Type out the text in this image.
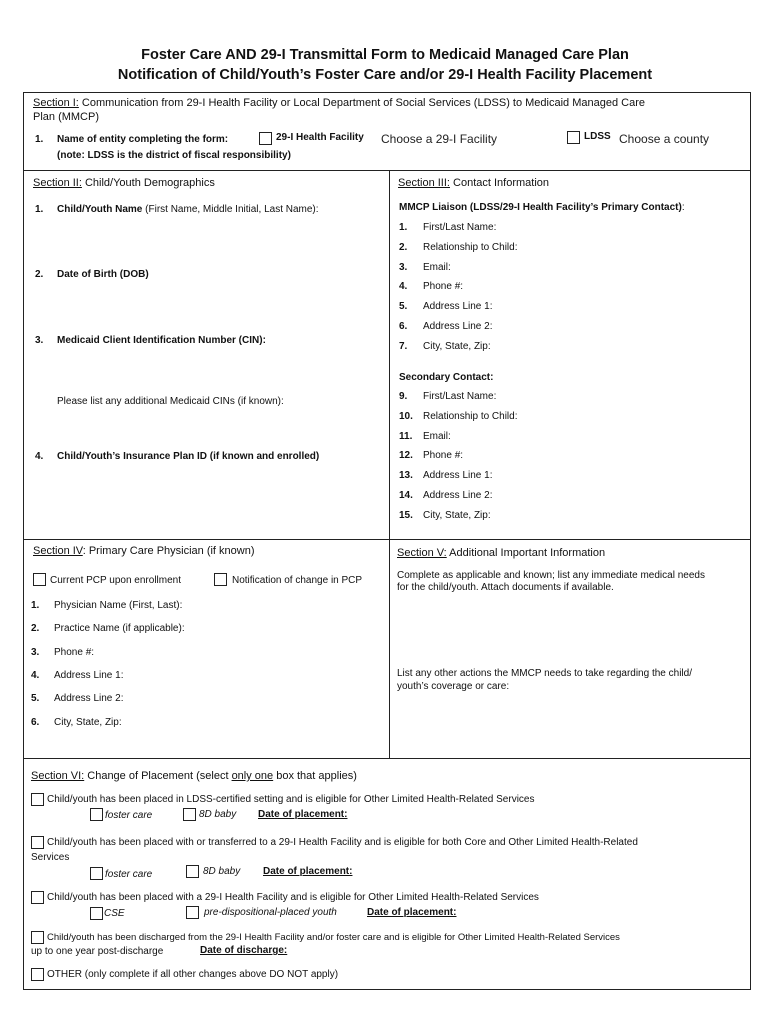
Foster Care AND 29-I Transmittal Form to Medicaid Managed Care Plan
Notification of Child/Youth’s Foster Care and/or 29-I Health Facility Placement
Section I: Communication from 29-I Health Facility or Local Department of Social Services (LDSS) to Medicaid Managed Care
Plan (MMCP)
1. Name of entity completing the form:	29-I Health Facility Choose a 29-I Facility	LDSS Choose a county
(note: LDSS is the district of fiscal responsibility)
Section II: Child/Youth Demographics
1. Child/Youth Name (First Name, Middle Initial, Last Name):
2. Date of Birth (DOB)
3. Medicaid Client Identification Number (CIN):
Please list any additional Medicaid CINs (if known):
4. Child/Youth’s Insurance Plan ID (if known and enrolled)
Section III: Contact Information
MMCP Liaison (LDSS/29-I Health Facility’s Primary Contact):
1. First/Last Name:
2. Relationship to Child:
3. Email:
4. Phone #:
5. Address Line 1:
6. Address Line 2:
7. City, State, Zip:
Secondary Contact:
9. First/Last Name:
10. Relationship to Child:
11. Email:
12. Phone #:
13. Address Line 1:
14. Address Line 2:
15. City, State, Zip:
Section IV: Primary Care Physician (if known)
Current PCP upon enrollment	Notification of change in PCP
1. Physician Name (First, Last):
2. Practice Name (if applicable):
3. Phone #:
4. Address Line 1:
5. Address Line 2:
6. City, State, Zip:
Section V: Additional Important Information
Complete as applicable and known; list any immediate medical needs
for the child/youth. Attach documents if available.
List any other actions the MMCP needs to take regarding the child/
youth’s coverage or care:
Section VI: Change of Placement (select only one box that applies)
Child/youth has been placed in LDSS-certified setting and is eligible for Other Limited Health-Related Services
foster care	8D baby Date of placement:
Child/youth has been placed with or transferred to a 29-I Health Facility and is eligible for both Core and Other Limited Health-Related
Services
foster care	8D baby Date of placement:
Child/youth has been placed with a 29-I Health Facility and is eligible for Other Limited Health-Related Services
CSE	pre-dispositional-placed youth	Date of placement:
Child/youth has been discharged from the 29-I Health Facility and/or foster care and is eligible for Other Limited Health-Related Services
up to one year post-discharge	Date of discharge:
OTHER (only complete if all other changes above DO NOT apply)
